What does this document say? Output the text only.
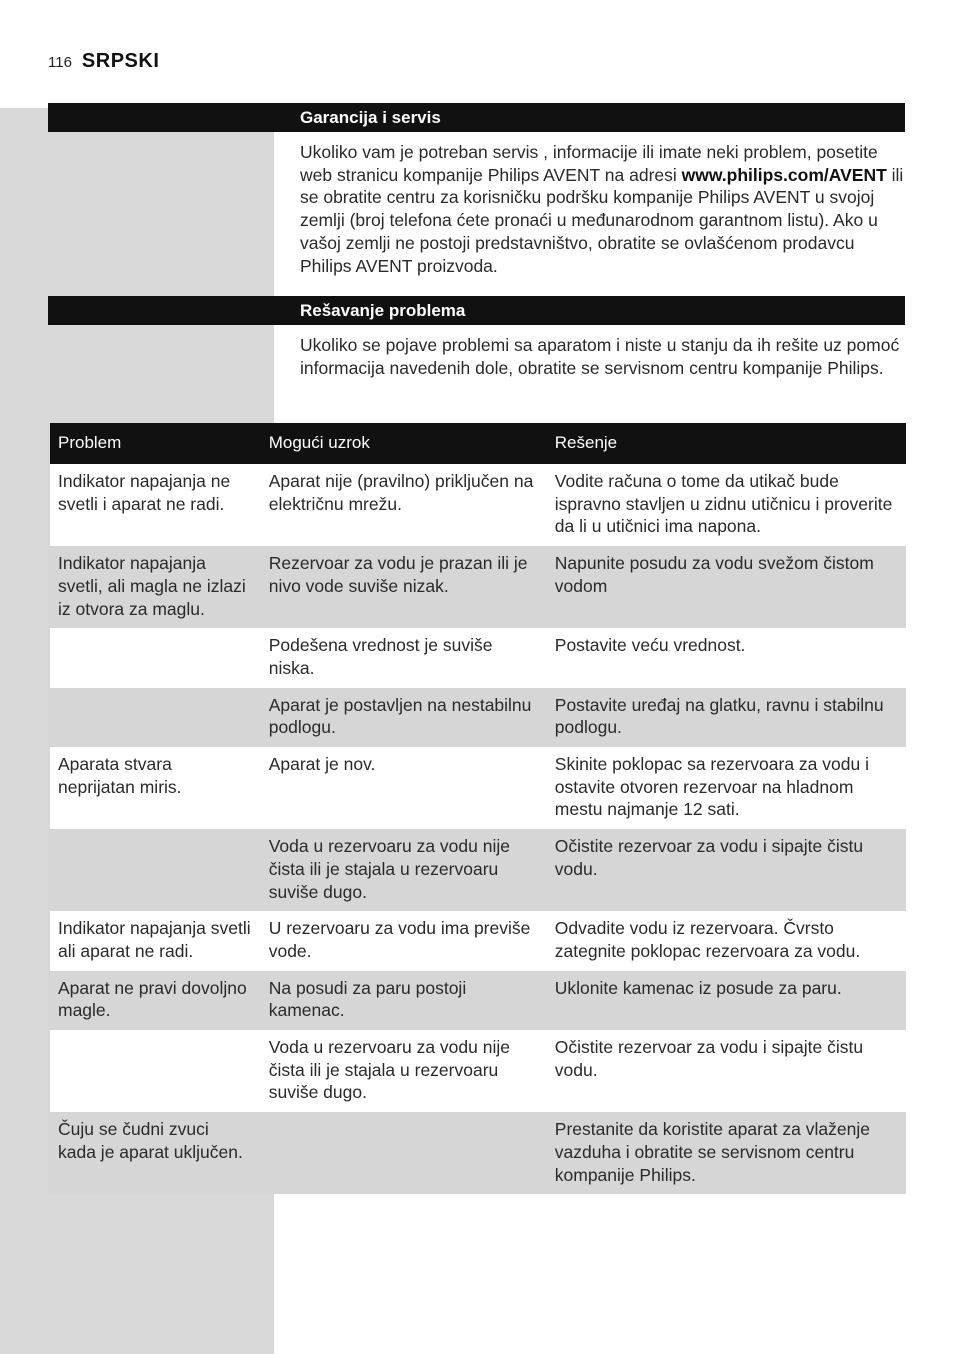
116 SRPSKI
Garancija i servis
Ukoliko vam je potreban servis , informacije ili imate neki problem, posetite web stranicu kompanije Philips AVENT na adresi www.philips.com/AVENT ili se obratite centru za korisničku podršku kompanije Philips AVENT u svojoj zemlji (broj telefona ćete pronaći u međunarodnom garantnom listu). Ako u vašoj zemlji ne postoji predstavništvo, obratite se ovlašćenom prodavcu Philips AVENT proizvoda.
Rešavanje problema
Ukoliko se pojave problemi sa aparatom i niste u stanju da ih rešite uz pomoć informacija navedenih dole, obratite se servisnom centru kompanije Philips.
Problem	Mogući uzrok	Rešenje
Indikator napajanja ne svetli i aparat ne radi.	Aparat nije (pravilno) priključen na električnu mrežu.	Vodite računa o tome da utikač bude ispravno stavljen u zidnu utičnicu i proverite da li u utičnici ima napona.
Indikator napajanja svetli, ali magla ne izlazi iz otvora za maglu.	Rezervoar za vodu je prazan ili je nivo vode suviše nizak.	Napunite posudu za vodu svežom čistom vodom
	Podešena vrednost je suviše niska.	Postavite veću vrednost.
	Aparat je postavljen na nestabilnu podlogu.	Postavite uređaj na glatku, ravnu i stabilnu podlogu.
Aparata stvara neprijatan miris.	Aparat je nov.	Skinite poklopac sa rezervoara za vodu i ostavite otvoren rezervoar na hladnom mestu najmanje 12 sati.
	Voda u rezervoaru za vodu nije čista ili je stajala u rezervoaru suviše dugo.	Očistite rezervoar za vodu i sipajte čistu vodu.
Indikator napajanja svetli ali aparat ne radi.	U rezervoaru za vodu ima previše vode.	Odvadite vodu iz rezervoara. Čvrsto zategnite poklopac rezervoara za vodu.
Aparat ne pravi dovoljno magle.	Na posudi za paru postoji kamenac.	Uklonite kamenac iz posude za paru.
	Voda u rezervoaru za vodu nije čista ili je stajala u rezervoaru suviše dugo.	Očistite rezervoar za vodu i sipajte čistu vodu.
Čuju se čudni zvuci kada je aparat uključen.		Prestanite da koristite aparat za vlaženje vazduha i obratite se servisnom centru kompanije Philips.
